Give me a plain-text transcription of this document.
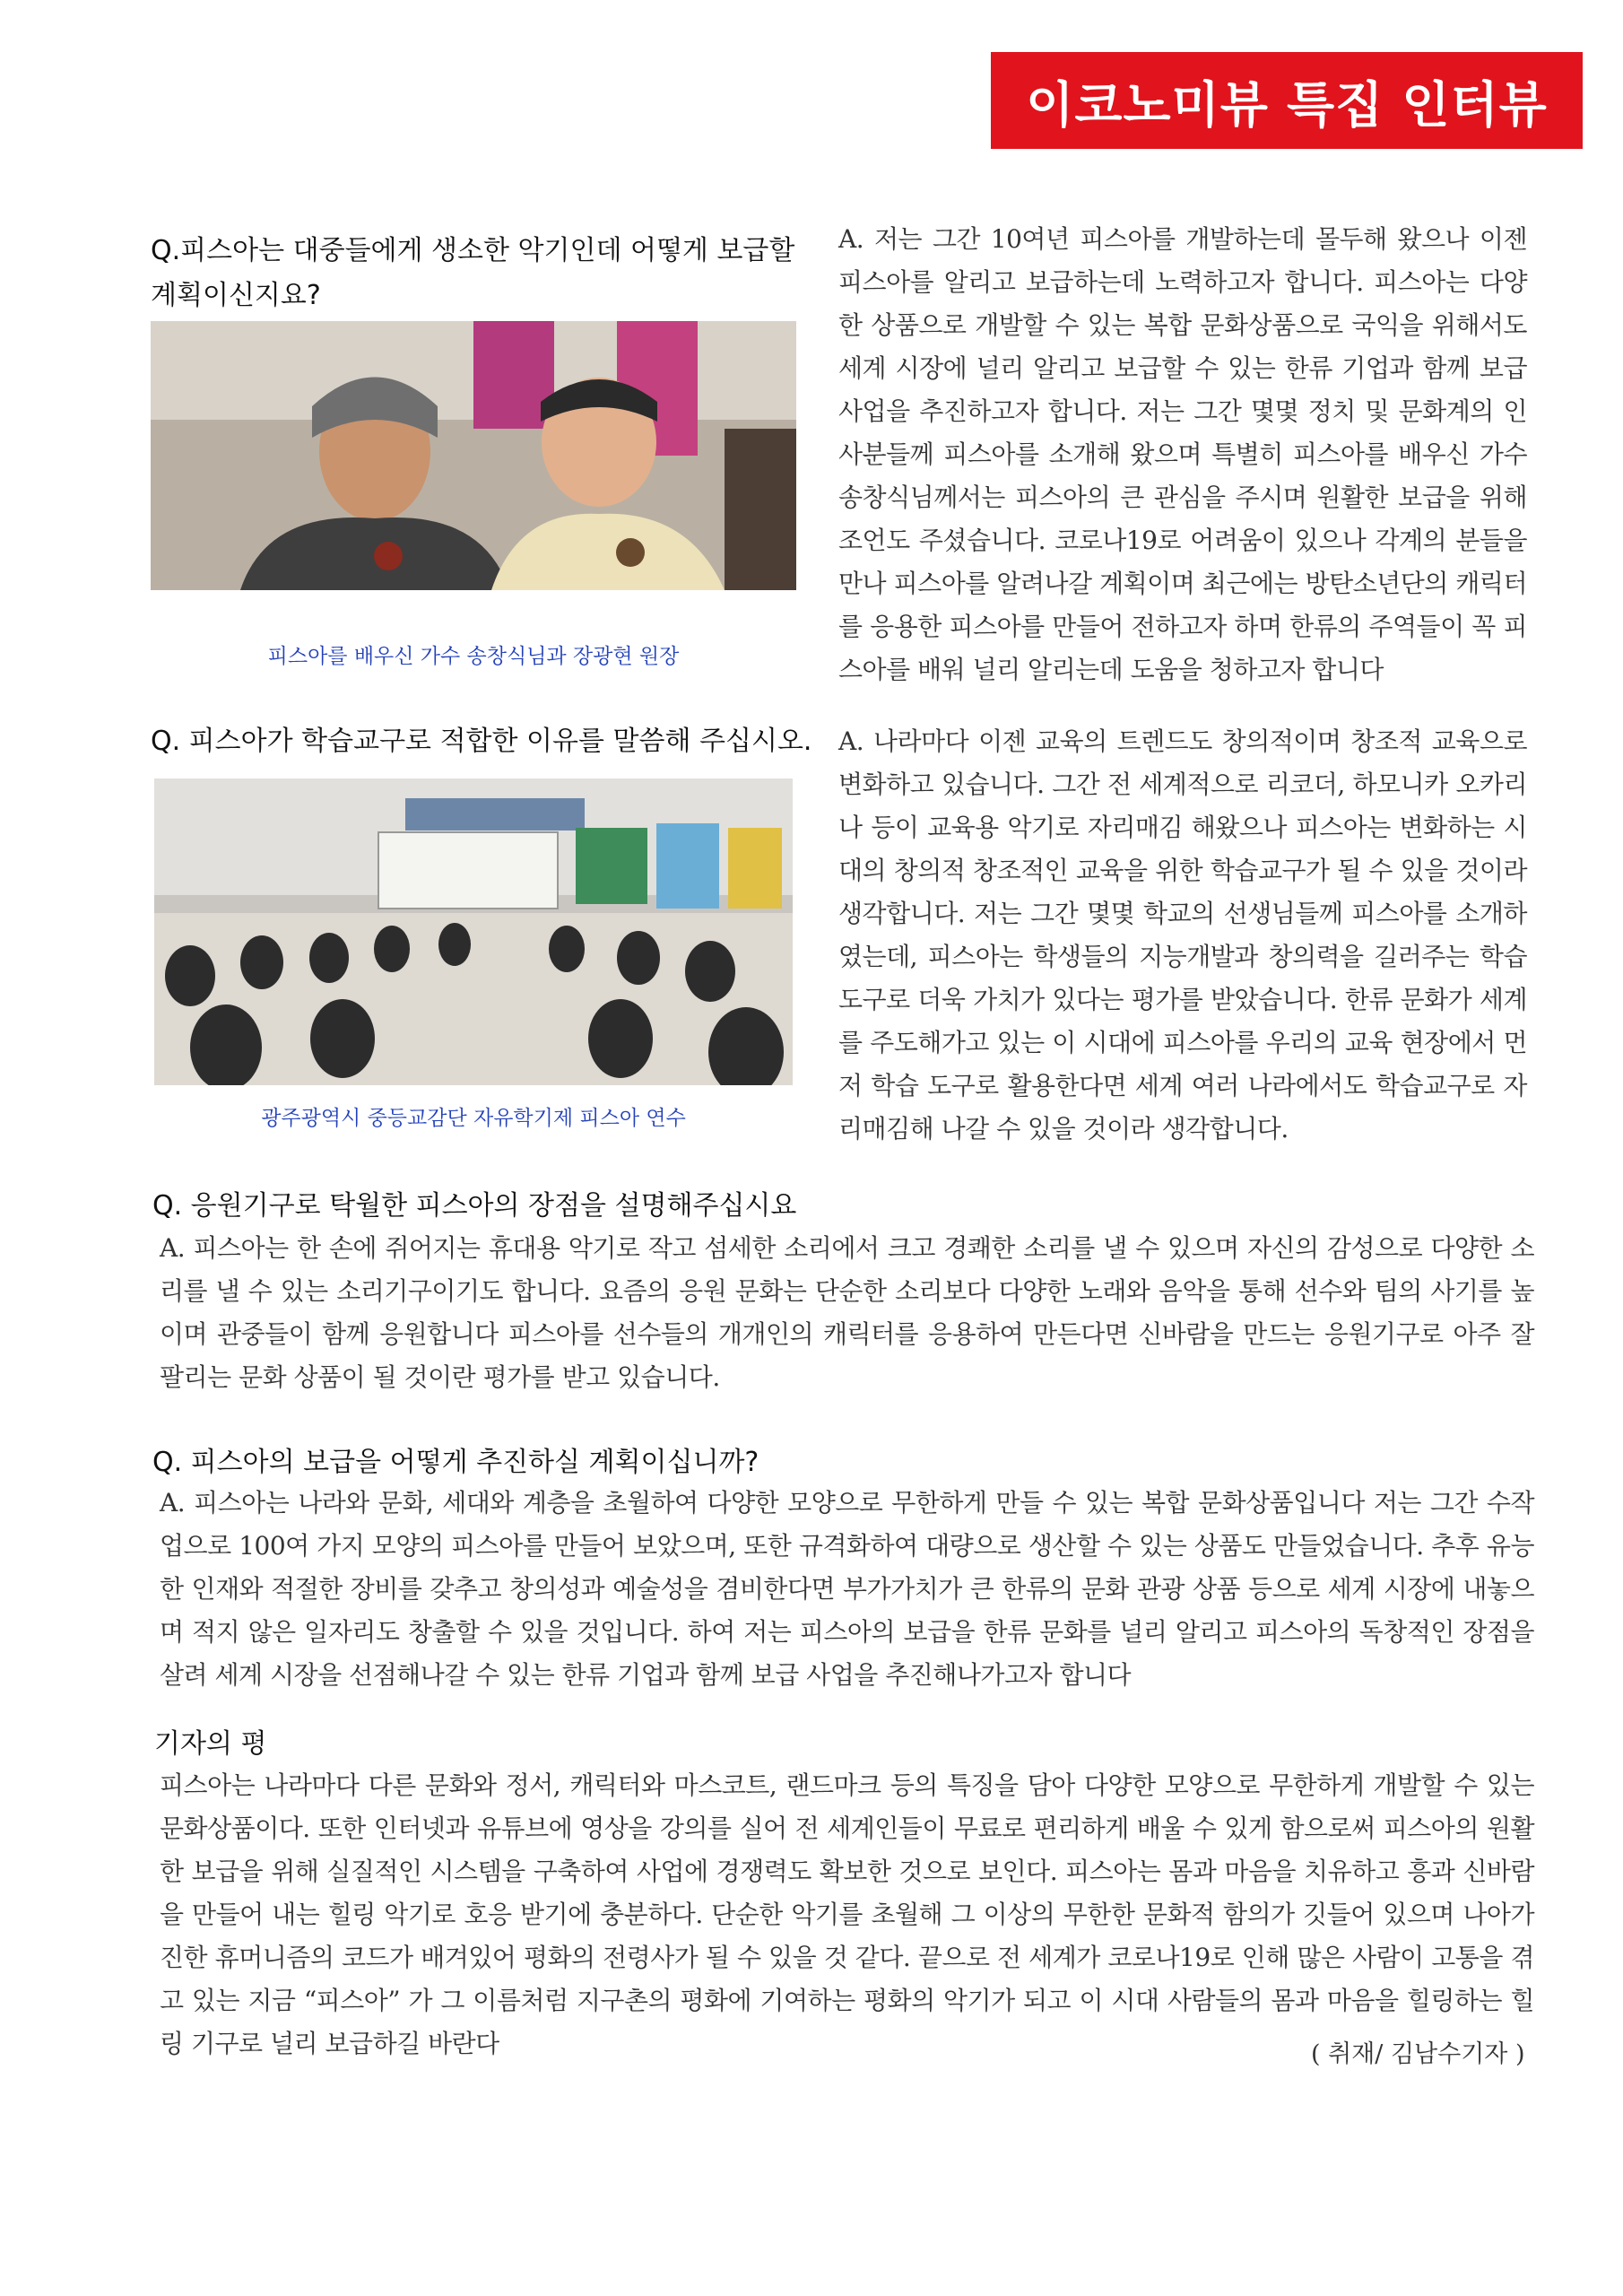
이코노미뷰 특집 인터뷰
Q.피스아는 대중들에게 생소한 악기인데 어떻게 보급할 계획이신지요?
피스아를 배우신 가수 송창식님과 장광현 원장

A. 저는 그간 10여년 피스아를 개발하는데 몰두해 왔으나 이젠 피스아를 알리고 보급하는데 노력하고자 합니다. 피스아는 다양한 상품으로 개발할 수 있는 복합 문화상품으로 국익을 위해서도 세계 시장에 널리 알리고 보급할 수 있는 한류 기업과 함께 보급 사업을 추진하고자 합니다. 저는 그간 몇몇 정치 및 문화계의 인사분들께 피스아를 소개해 왔으며 특별히 피스아를 배우신 가수 송창식님께서는 피스아의 큰 관심을 주시며 원활한 보급을 위해 조언도 주셨습니다. 코로나19로 어려움이 있으나 각계의 분들을 만나 피스아를 알려나갈 계획이며 최근에는 방탄소년단의 캐릭터를 응용한 피스아를 만들어 전하고자 하며 한류의 주역들이 꼭 피스아를 배워 널리 알리는데 도움을 청하고자 합니다

Q. 피스아가 학습교구로 적합한 이유를 말씀해 주십시오.
광주광역시 중등교감단 자유학기제 피스아 연수

A. 나라마다 이젠 교육의 트렌드도 창의적이며 창조적 교육으로 변화하고 있습니다. 그간 전 세계적으로 리코더, 하모니카 오카리나 등이 교육용 악기로 자리매김 해왔으나 피스아는 변화하는 시대의 창의적 창조적인 교육을 위한 학습교구가 될 수 있을 것이라 생각합니다. 저는 그간 몇몇 학교의 선생님들께 피스아를 소개하였는데, 피스아는 학생들의 지능개발과 창의력을 길러주는 학습도구로 더욱 가치가 있다는 평가를 받았습니다. 한류 문화가 세계를 주도해가고 있는 이 시대에 피스아를 우리의 교육 현장에서 먼저 학습 도구로 활용한다면 세계 여러 나라에서도 학습교구로 자리매김해 나갈 수 있을 것이라 생각합니다.

Q. 응원기구로 탁월한 피스아의 장점을 설명해주십시요

A. 피스아는 한 손에 쥐어지는 휴대용 악기로 작고 섬세한 소리에서 크고 경쾌한 소리를 낼 수 있으며 자신의 감성으로 다양한 소리를 낼 수 있는 소리기구이기도 합니다. 요즘의 응원 문화는 단순한 소리보다 다양한 노래와 음악을 통해 선수와 팀의 사기를 높이며 관중들이 함께 응원합니다 피스아를 선수들의 개개인의 캐릭터를 응용하여 만든다면 신바람을 만드는 응원기구로 아주 잘 팔리는 문화 상품이 될 것이란 평가를 받고 있습니다.

Q. 피스아의 보급을 어떻게 추진하실 계획이십니까?

A. 피스아는 나라와 문화, 세대와 계층을 초월하여 다양한 모양으로 무한하게 만들 수 있는 복합 문화상품입니다 저는 그간 수작업으로 100여 가지 모양의 피스아를 만들어 보았으며, 또한 규격화하여 대량으로 생산할 수 있는 상품도 만들었습니다. 추후 유능한 인재와 적절한 장비를 갖추고 창의성과 예술성을 겸비한다면 부가가치가 큰 한류의 문화 관광 상품 등으로 세계 시장에 내놓으며 적지 않은 일자리도 창출할 수 있을 것입니다. 하여 저는 피스아의 보급을 한류 문화를 널리 알리고 피스아의 독창적인 장점을 살려 세계 시장을 선점해나갈 수 있는 한류 기업과 함께 보급 사업을 추진해나가고자 합니다

기자의 평

피스아는 나라마다 다른 문화와 정서, 캐릭터와 마스코트, 랜드마크 등의 특징을 담아 다양한 모양으로 무한하게 개발할 수 있는 문화상품이다. 또한 인터넷과 유튜브에 영상을 강의를 실어 전 세계인들이 무료로 편리하게 배울 수 있게 함으로써 피스아의 원활한 보급을 위해 실질적인 시스템을 구축하여 사업에 경쟁력도 확보한 것으로 보인다. 피스아는 몸과 마음을 치유하고 흥과 신바람을 만들어 내는 힐링 악기로 호응 받기에 충분하다. 단순한 악기를 초월해 그 이상의 무한한 문화적 함의가 깃들어 있으며 나아가 진한 휴머니즘의 코드가 배겨있어 평화의 전령사가 될 수 있을 것 같다. 끝으로 전 세계가 코로나19로 인해 많은 사람이 고통을 겪고 있는 지금 “피스아” 가 그 이름처럼 지구촌의 평화에 기여하는 평화의 악기가 되고 이 시대 사람들의 몸과 마음을 힐링하는 힐링 기구로 널리 보급하길 바란다	( 취재/ 김남수기자 )
